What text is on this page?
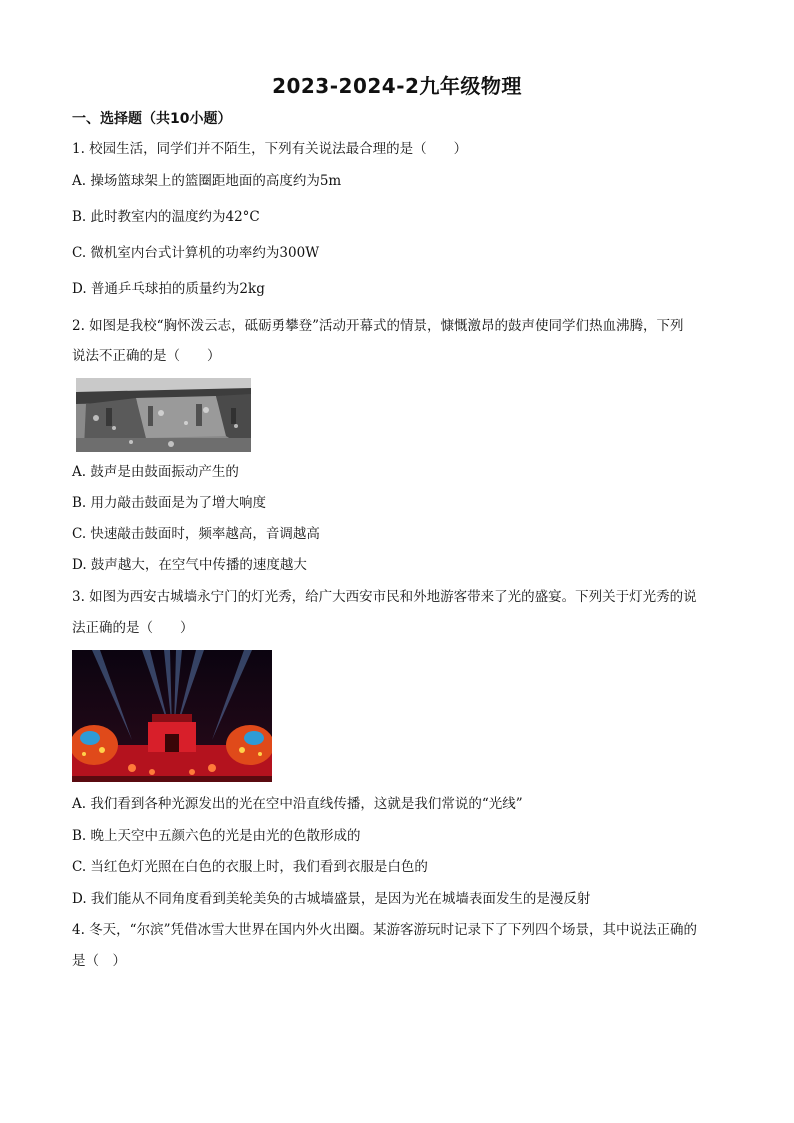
2023-2024-2九年级物理
一、选择题（共10小题）
1. 校园生活，同学们并不陌生，下列有关说法最合理的是（　　）
A. 操场篮球架上的篮圈距地面的高度约为5m
B. 此时教室内的温度约为42°C
C. 微机室内台式计算机的功率约为300W
D. 普通乒乓球拍的质量约为2kg
2. 如图是我校“胸怀泼云志，砥砺勇攀登”活动开幕式的情景，慷慨激昂的鼓声使同学们热血沸腾，下列
说法不正确的是（　　）
A. 鼓声是由鼓面振动产生的
B. 用力敲击鼓面是为了增大响度
C. 快速敲击鼓面时，频率越高，音调越高
D. 鼓声越大，在空气中传播的速度越大
3. 如图为西安古城墙永宁门的灯光秀，给广大西安市民和外地游客带来了光的盛宴。下列关于灯光秀的说
法正确的是（　　）
A. 我们看到各种光源发出的光在空中沿直线传播，这就是我们常说的“光线”
B. 晚上天空中五颜六色的光是由光的色散形成的
C. 当红色灯光照在白色的衣服上时，我们看到衣服是白色的
D. 我们能从不同角度看到美轮美奂的古城墙盛景，是因为光在城墙表面发生的是漫反射
4. 冬天，“尔滨”凭借冰雪大世界在国内外火出圈。某游客游玩时记录下了下列四个场景，其中说法正确的
是（　）
